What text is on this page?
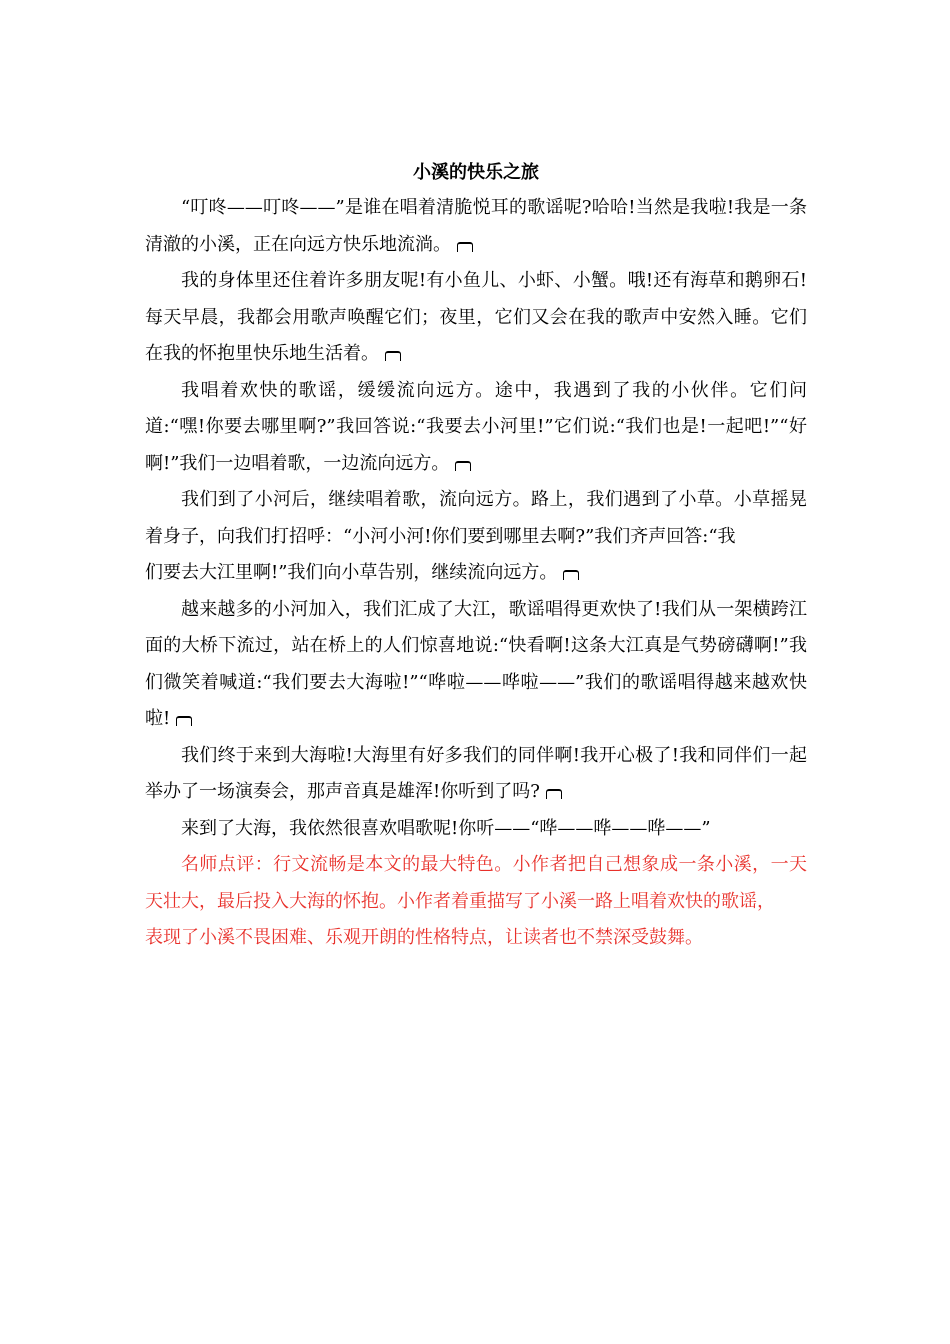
小溪的快乐之旅

“叮咚——叮咚——”是谁在唱着清脆悦耳的歌谣呢?哈哈!当然是我啦!我是一条清澈的小溪，正在向远方快乐地流淌。

我的身体里还住着许多朋友呢!有小鱼儿、小虾、小蟹。哦!还有海草和鹅卵石!每天早晨，我都会用歌声唤醒它们；夜里，它们又会在我的歌声中安然入睡。它们在我的怀抱里快乐地生活着。

我唱着欢快的歌谣，缓缓流向远方。途中，我遇到了我的小伙伴。它们问道:“嘿!你要去哪里啊?”我回答说:“我要去小河里!”它们说:“我们也是!一起吧!”“好啊!”我们一边唱着歌，一边流向远方。

我们到了小河后，继续唱着歌，流向远方。路上，我们遇到了小草。小草摇晃着身子，向我们打招呼：“小河小河!你们要到哪里去啊?”我们齐声回答:“我

们要去大江里啊!”我们向小草告别，继续流向远方。

越来越多的小河加入，我们汇成了大江，歌谣唱得更欢快了!我们从一架横跨江面的大桥下流过，站在桥上的人们惊喜地说:“快看啊!这条大江真是气势磅礴啊!”我们微笑着喊道:“我们要去大海啦!”“哗啦——哗啦——”我们的歌谣唱得越来越欢快啦!

我们终于来到大海啦!大海里有好多我们的同伴啊!我开心极了!我和同伴们一起举办了一场演奏会，那声音真是雄浑!你听到了吗?

来到了大海，我依然很喜欢唱歌呢!你听——“哗——哗——哗——”

名师点评：行文流畅是本文的最大特色。小作者把自己想象成一条小溪，一天天壮大，最后投入大海的怀抱。小作者着重描写了小溪一路上唱着欢快的歌谣，

表现了小溪不畏困难、乐观开朗的性格特点，让读者也不禁深受鼓舞。
